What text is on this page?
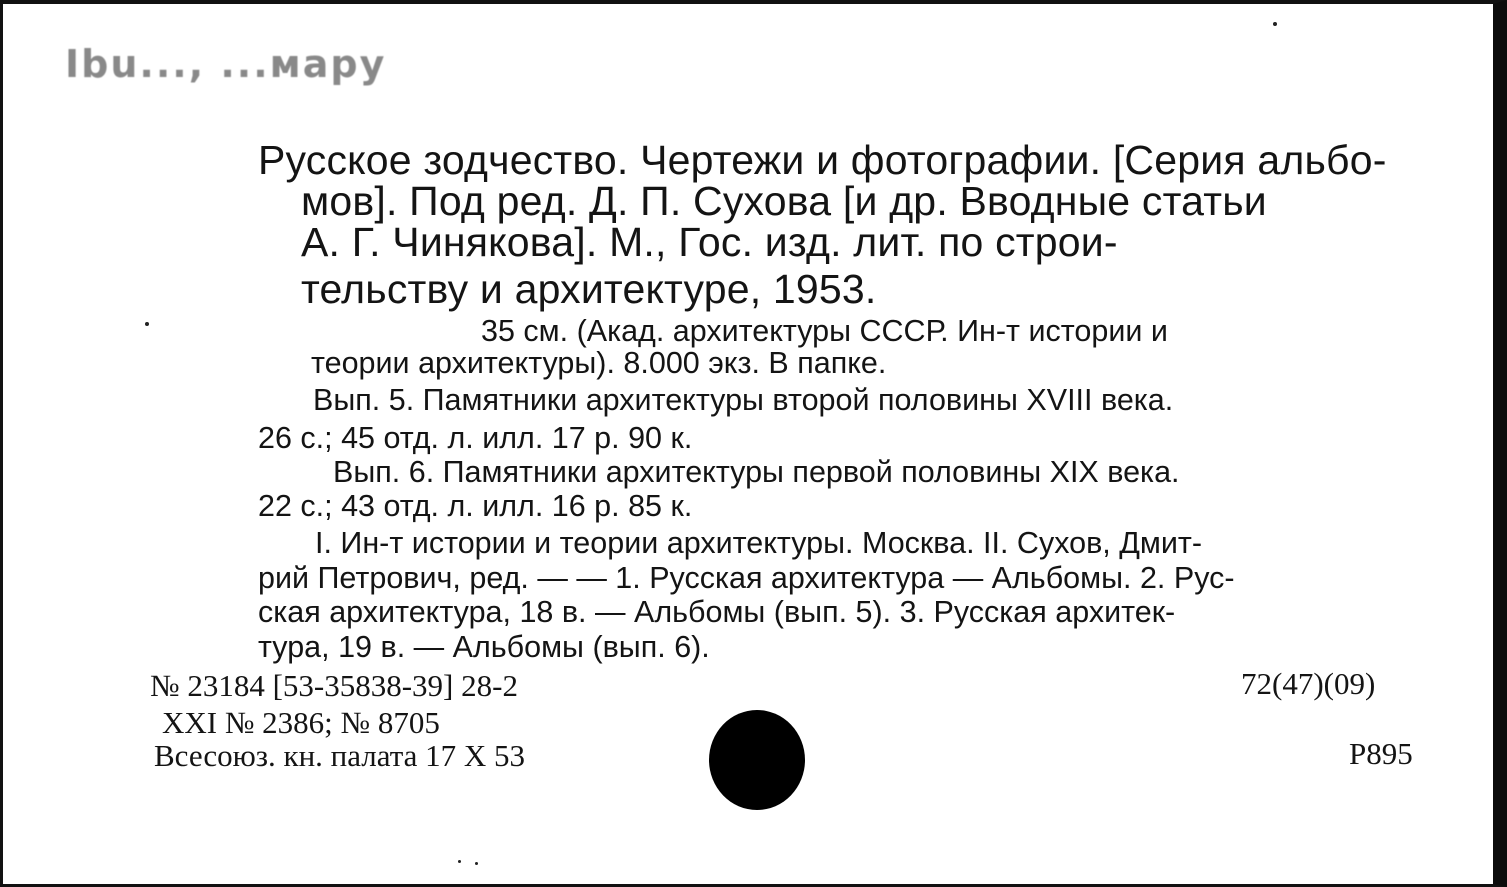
Ibu..., ...мару
Русское зодчество. Чертежи и фотографии. [Серия альбо-
мов]. Под ред. Д. П. Сухова [и др. Вводные статьи
А. Г. Чинякова]. М., Гос. изд. лит. по строи-
тельству и архитектуре, 1953.
35 см. (Акад. архитектуры СССР. Ин-т истории и
теории архитектуры). 8.000 экз. В папке.
Вып. 5. Памятники архитектуры второй половины XVIII века.
26 с.; 45 отд. л. илл. 17 р. 90 к.
Вып. 6. Памятники архитектуры первой половины XIX века.
22 с.; 43 отд. л. илл. 16 р. 85 к.
I. Ин-т истории и теории архитектуры. Москва. II. Сухов, Дмит-
рий Петрович, ред. — — 1. Русская архитектура — Альбомы. 2. Рус-
ская архитектура, 18 в. — Альбомы (вып. 5). 3. Русская архитек-
тура, 19 в. — Альбомы (вып. 6).
№ 23184 [53-35838-39] 28-2	72(47)(09)
XXI № 2386; № 8705
Всесоюз. кн. палата 17 X 53	Р895
